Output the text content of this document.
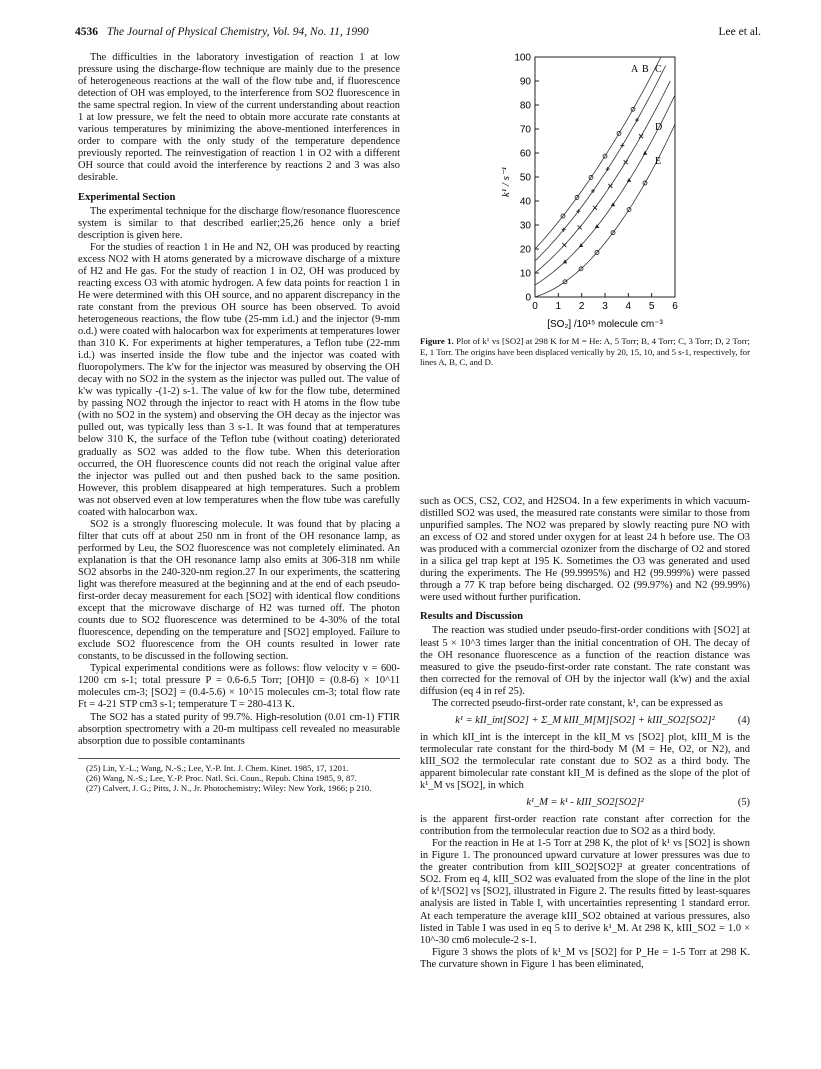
4536 The Journal of Physical Chemistry, Vol. 94, No. 11, 1990	Lee et al.

The difficulties in the laboratory investigation of reaction 1 at low pressure using the discharge-flow technique are mainly due to the presence of heterogeneous reactions at the wall of the flow tube and, if fluorescence detection of OH was employed, to the interference from SO2 fluorescence in the same spectral region. In view of the current understanding about reaction 1 at low pressure, we felt the need to obtain more accurate rate constants at various temperatures by minimizing the above-mentioned interferences in order to compare with the only study of the temperature dependence previously reported. The reinvestigation of reaction 1 in O2 with a different OH source that could avoid the interference by reactions 2 and 3 was also desirable.

Experimental Section

The experimental technique for the discharge flow/resonance fluorescence system is similar to that described earlier;25,26 hence only a brief description is given here.

For the studies of reaction 1 in He and N2, OH was produced by reacting excess NO2 with H atoms generated by a microwave discharge of a mixture of H2 and He gas. For the study of reaction 1 in O2, OH was produced by reacting excess O3 with atomic hydrogen. A few data points for reaction 1 in He were determined with this OH source, and no apparent discrepancy in the rate constant from the previous OH source has been observed. To avoid heterogeneous reactions, the flow tube (25-mm i.d.) and the injector (9-mm o.d.) were coated with halocarbon wax for experiments at temperatures lower than 310 K. For experiments at higher temperatures, a Teflon tube (22-mm i.d.) was inserted inside the flow tube and the injector was coated with fluoropolymers. The k'w for the injector was measured by observing the OH decay with no SO2 in the system as the injector was pulled out. The value of k'w was typically -(1-2) s-1. The value of kw for the flow tube, determined by passing NO2 through the injector to react with H atoms in the flow tube (with no SO2 in the system) and observing the OH decay as the injector was pulled out, was typically less than 3 s-1. It was found that at temperatures below 310 K, the surface of the Teflon tube (without coating) deteriorated gradually as SO2 was added to the flow tube. When this deterioration occurred, the OH fluorescence counts did not reach the original value after the injector was pulled out and then pushed back to the same position. However, this problem disappeared at high temperatures. Such a problem was not observed even at low temperatures when the flow tube was carefully coated with halocarbon wax.

SO2 is a strongly fluorescing molecule. It was found that by placing a filter that cuts off at about 250 nm in front of the OH resonance lamp, as performed by Leu, the SO2 fluorescence was not completely eliminated. An explanation is that the OH resonance lamp also emits at 306-318 nm while SO2 absorbs in the 240-320-nm region.27 In our experiments, the scattering light was therefore measured at the beginning and at the end of each pseudo-first-order decay measurement for each [SO2] with identical flow conditions except that the microwave discharge of H2 was turned off. The photon counts due to SO2 fluorescence was determined to be 4-30% of the total fluorescence, depending on the temperature and [SO2] employed. Failure to exclude SO2 fluorescence from the OH counts resulted in lower rate constants, to be discussed in the following section.

Typical experimental conditions were as follows: flow velocity v = 600-1200 cm s-1; total pressure P = 0.6-6.5 Torr; [OH]0 = (0.8-6) × 10^11 molecules cm-3; [SO2] = (0.4-5.6) × 10^15 molecules cm-3; total flow rate Ft = 4-21 STP cm3 s-1; temperature T = 280-413 K.

The SO2 has a stated purity of 99.7%. High-resolution (0.01 cm-1) FTIR absorption spectrometry with a 20-m multipass cell revealed no measurable absorption due to possible contaminants

(25) Lin, Y.-L.; Wang, N.-S.; Lee, Y.-P. Int. J. Chem. Kinet. 1985, 17, 1201.
(26) Wang, N.-S.; Lee, Y.-P. Proc. Natl. Sci. Coun., Repub. China 1985, 9, 87.
(27) Calvert, J. G.; Pitts, J. N., Jr. Photochemistry; Wiley: New York, 1966; p 210.
0
10
20
30
40
50
60
70
80
90
100
0 1 2 3 4 5 6
k¹ / s⁻¹
[SO₂] /10¹⁵ molecule cm⁻³
A B C
D
E
Figure 1. Plot of k¹ vs [SO2] at 298 K for M = He: A, 5 Torr; B, 4 Torr; C, 3 Torr; D, 2 Torr; E, 1 Torr. The origins have been displaced vertically by 20, 15, 10, and 5 s-1, respectively, for lines A, B, C, and D.

such as OCS, CS2, CO2, and H2SO4. In a few experiments in which vacuum-distilled SO2 was used, the measured rate constants were similar to those from unpurified samples. The NO2 was prepared by slowly reacting pure NO with an excess of O2 and stored under oxygen for at least 24 h before use. The O3 was produced with a commercial ozonizer from the discharge of O2 and stored in a silica gel trap kept at 195 K. Sometimes the O3 was generated and used during the experiments. The He (99.9995%) and H2 (99.999%) were passed through a 77 K trap before being discharged. O2 (99.97%) and N2 (99.99%) were used without further purification.

Results and Discussion

The reaction was studied under pseudo-first-order conditions with [SO2] at least 5 × 10^3 times larger than the initial concentration of OH. The decay of the OH resonance fluorescence as a function of the reaction distance was measured to give the pseudo-first-order rate constant. The rate constant was then corrected for the removal of OH by the injector wall (k'w) and the axial diffusion (eq 4 in ref 25).

The corrected pseudo-first-order rate constant, k¹, can be expressed as

k¹ = kII_int[SO2] + Σ_M kIII_M[M][SO2] + kIII_SO2[SO2]² (4)

in which kII_int is the intercept in the kII_M vs [SO2] plot, kIII_M is the termolecular rate constant for the third-body M (M = He, O2, or N2), and kIII_SO2 the termolecular rate constant due to SO2 as a third body. The apparent bimolecular rate constant kII_M is defined as the slope of the plot of k¹_M vs [SO2], in which

k¹_M = k¹ - kIII_SO2[SO2]²	(5)

is the apparent first-order reaction rate constant after correction for the contribution from the termolecular reaction due to SO2 as a third body.

For the reaction in He at 1-5 Torr at 298 K, the plot of k¹ vs [SO2] is shown in Figure 1. The pronounced upward curvature at lower pressures was due to the greater contribution from kIII_SO2[SO2]² at greater concentrations of SO2. From eq 4, kIII_SO2 was evaluated from the slope of the line in the plot of k¹/[SO2] vs [SO2], illustrated in Figure 2. The results fitted by least-squares analysis are listed in Table I, with uncertainties representing 1 standard error. At each temperature the average kIII_SO2 obtained at various pressures, also listed in Table I was used in eq 5 to derive k¹_M. At 298 K, kIII_SO2 = 1.0 × 10^-30 cm6 molecule-2 s-1.

Figure 3 shows the plots of k¹_M vs [SO2] for P_He = 1-5 Torr at 298 K. The curvature shown in Figure 1 has been eliminated,
